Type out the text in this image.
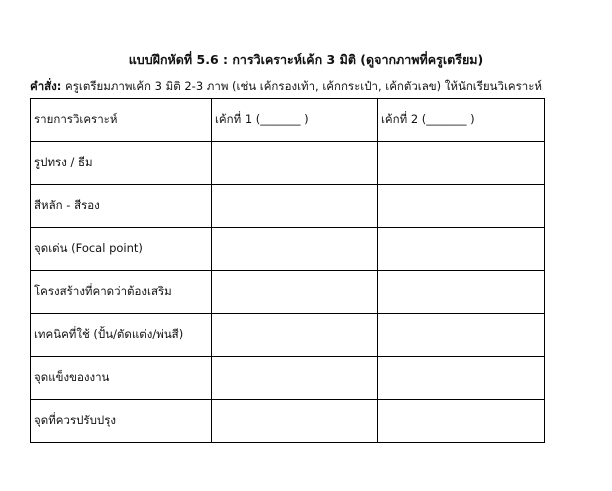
แบบฝึกหัดที่ 5.6 : การวิเคราะห์เค้ก 3 มิติ (ดูจากภาพที่ครูเตรียม)
คำสั่ง: ครูเตรียมภาพเค้ก 3 มิติ 2-3 ภาพ (เช่น เค้กรองเท้า, เค้กกระเป๋า, เค้กตัวเลข) ให้นักเรียนวิเคราะห์
รายการวิเคราะห์	เค้กที่ 1 (_______ )	เค้กที่ 2 (_______ )
รูปทรง / ธีม		
สีหลัก - สีรอง		
จุดเด่น (Focal point)		
โครงสร้างที่คาดว่าต้องเสริม		
เทคนิคที่ใช้ (ปั้น/ตัดแต่ง/พ่นสี)		
จุดแข็งของงาน		
จุดที่ควรปรับปรุง		
